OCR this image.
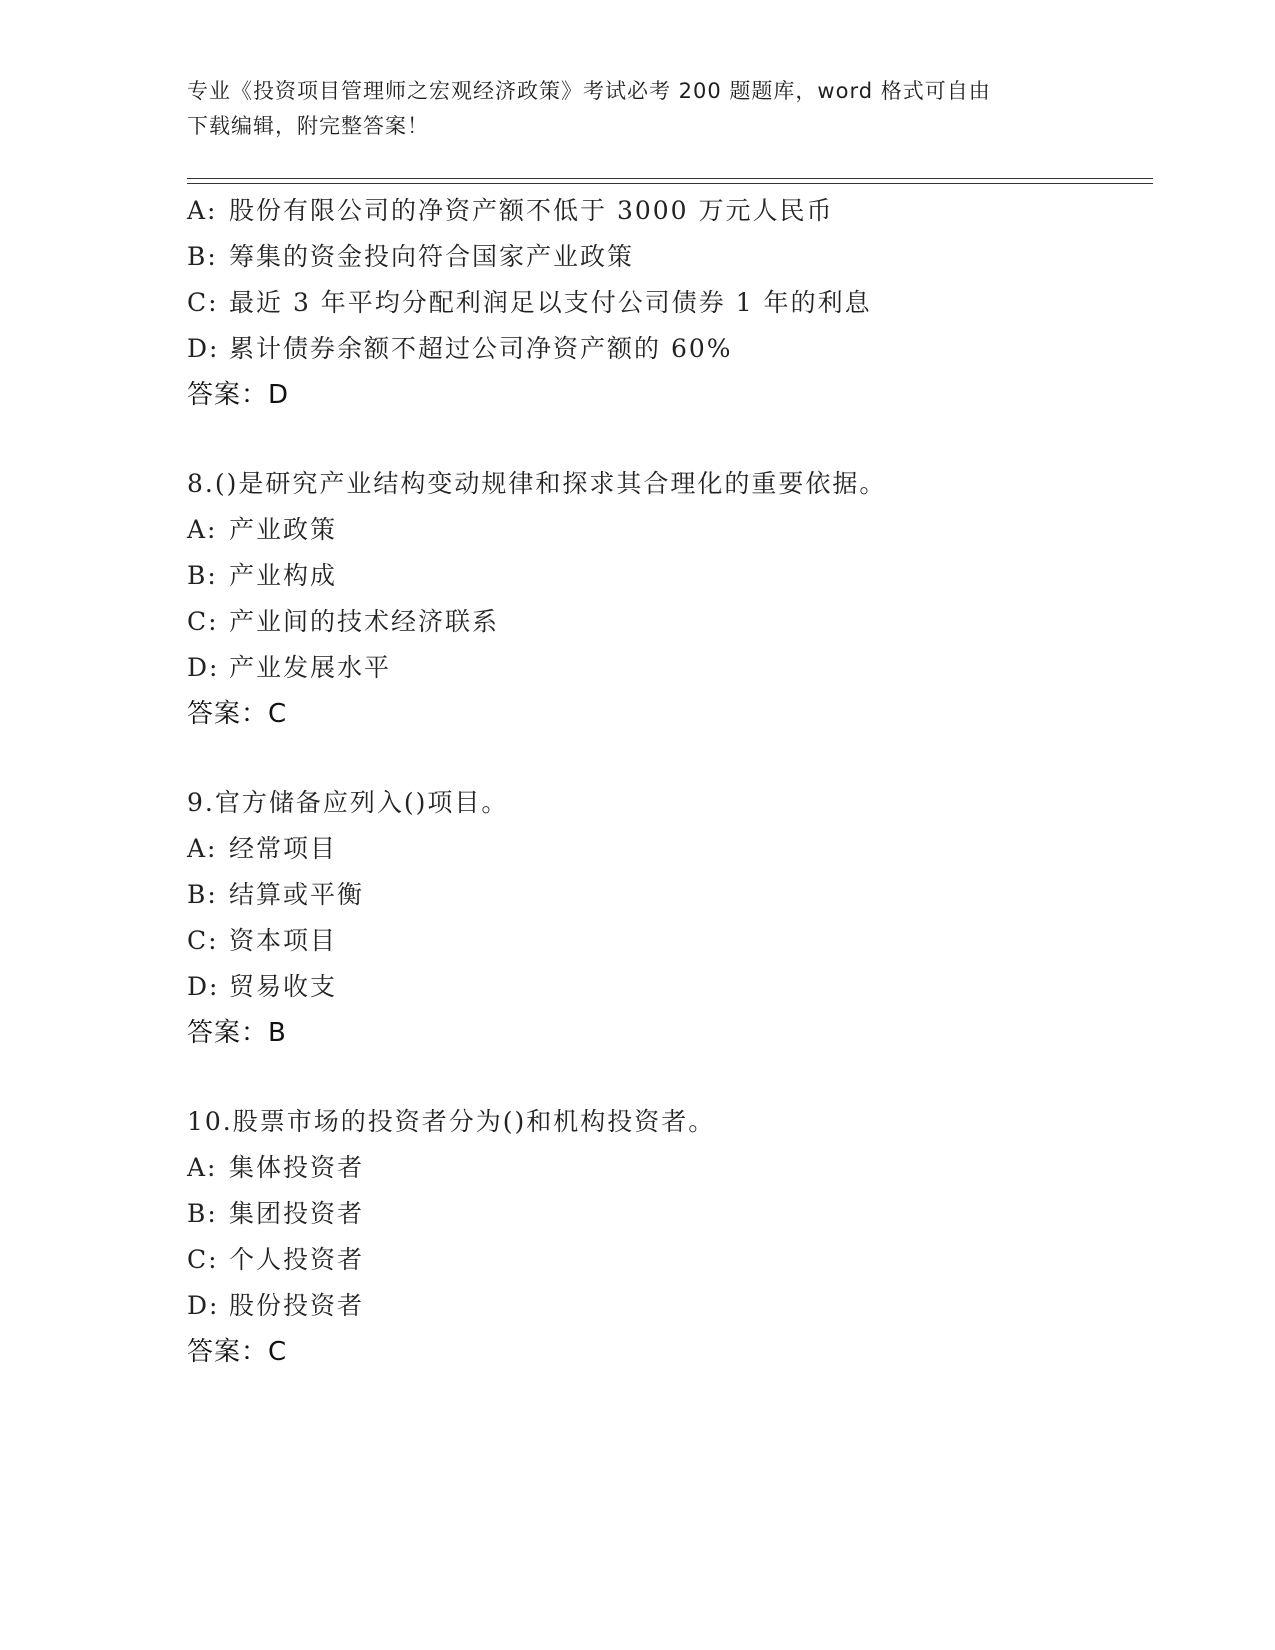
专业《投资项目管理师之宏观经济政策》考试必考 200 题题库，word 格式可自由
下载编辑，附完整答案！
A: 股份有限公司的净资产额不低于 3000 万元人民币
B: 筹集的资金投向符合国家产业政策
C: 最近 3 年平均分配利润足以支付公司债券 1 年的利息
D: 累计债券余额不超过公司净资产额的 60%
答案：D
8.()是研究产业结构变动规律和探求其合理化的重要依据。
A: 产业政策
B: 产业构成
C: 产业间的技术经济联系
D: 产业发展水平
答案：C
9.官方储备应列入()项目。
A: 经常项目
B: 结算或平衡
C: 资本项目
D: 贸易收支
答案：B
10.股票市场的投资者分为()和机构投资者。
A: 集体投资者
B: 集团投资者
C: 个人投资者
D: 股份投资者
答案：C
